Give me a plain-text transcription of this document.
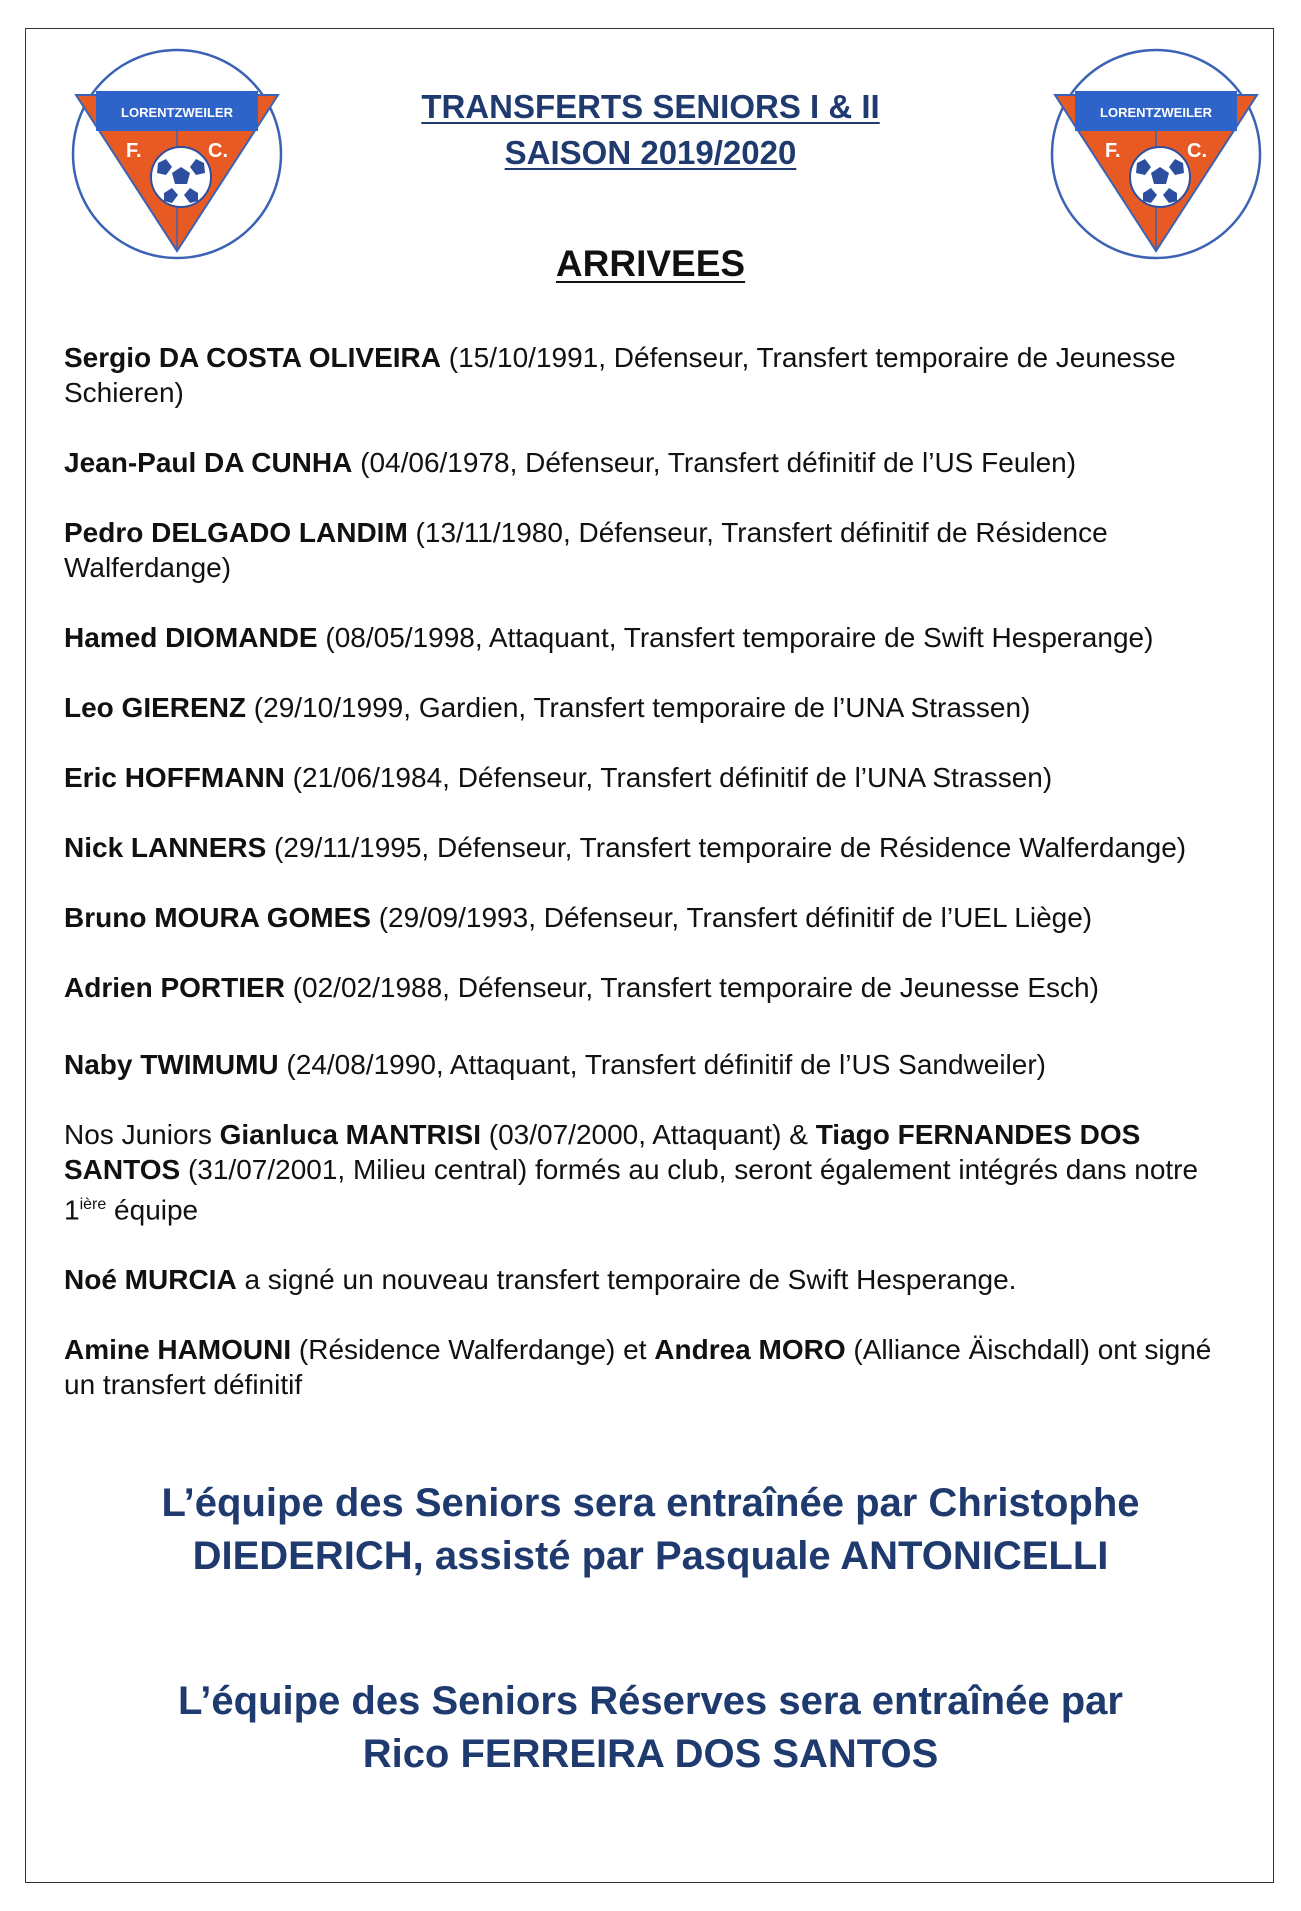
LORENTZWEILER
F.	C.
LORENTZWEILER
F.	C.
TRANSFERTS SENIORS I & II
SAISON 2019/2020
ARRIVEES

Sergio DA COSTA OLIVEIRA (15/10/1991, Défenseur, Transfert temporaire de Jeunesse Schieren)

Jean-Paul DA CUNHA (04/06/1978, Défenseur, Transfert définitif de l’US Feulen)

Pedro DELGADO LANDIM (13/11/1980, Défenseur, Transfert définitif de Résidence Walferdange)

Hamed DIOMANDE (08/05/1998, Attaquant, Transfert temporaire de Swift Hesperange)

Leo GIERENZ (29/10/1999, Gardien, Transfert temporaire de l’UNA Strassen)

Eric HOFFMANN (21/06/1984, Défenseur, Transfert définitif de l’UNA Strassen)

Nick LANNERS (29/11/1995, Défenseur, Transfert temporaire de Résidence Walferdange)

Bruno MOURA GOMES (29/09/1993, Défenseur, Transfert définitif de l’UEL Liège)

Adrien PORTIER (02/02/1988, Défenseur, Transfert temporaire de Jeunesse Esch)

Naby TWIMUMU (24/08/1990, Attaquant, Transfert définitif de l’US Sandweiler)

Nos Juniors Gianluca MANTRISI (03/07/2000, Attaquant) & Tiago FERNANDES DOS SANTOS (31/07/2001, Milieu central) formés au club, seront également intégrés dans notre $1^{ière}$ équipe

Noé MURCIA a signé un nouveau transfert temporaire de Swift Hesperange.

Amine HAMOUNI (Résidence Walferdange) et Andrea MORO (Alliance Äischdall) ont signé un transfert définitif

L’équipe des Seniors sera entraînée par Christophe
DIEDERICH, assisté par Pasquale ANTONICELLI
L’équipe des Seniors Réserves sera entraînée par
Rico FERREIRA DOS SANTOS
